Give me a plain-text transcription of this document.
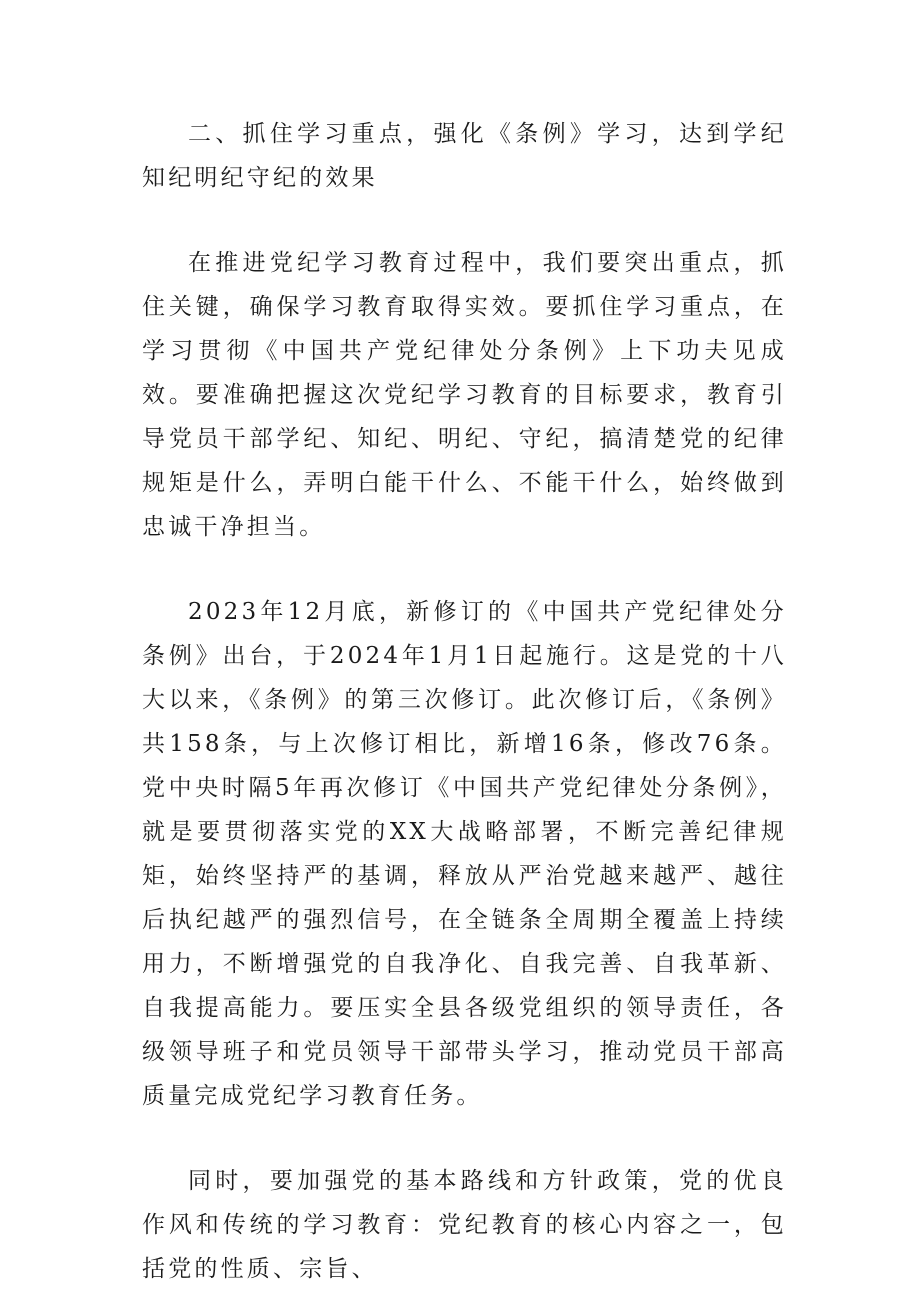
二、抓住学习重点，强化《条例》学习，达到学纪知纪明纪守纪的效果

在推进党纪学习教育过程中，我们要突出重点，抓住关键，确保学习教育取得实效。要抓住学习重点，在学习贯彻《中国共产党纪律处分条例》上下功夫见成效。要准确把握这次党纪学习教育的目标要求，教育引导党员干部学纪、知纪、明纪、守纪，搞清楚党的纪律规矩是什么，弄明白能干什么、不能干什么，始终做到忠诚干净担当。

2023年12月底，新修订的《中国共产党纪律处分条例》出台，于2024年1月1日起施行。这是党的十八大以来，《条例》的第三次修订。此次修订后，《条例》共158条，与上次修订相比，新增16条，修改76条。党中央时隔5年再次修订《中国共产党纪律处分条例》，就是要贯彻落实党的XX大战略部署，不断完善纪律规矩，始终坚持严的基调，释放从严治党越来越严、越往后执纪越严的强烈信号，在全链条全周期全覆盖上持续用力，不断增强党的自我净化、自我完善、自我革新、自我提高能力。要压实全县各级党组织的领导责任，各级领导班子和党员领导干部带头学习，推动党员干部高质量完成党纪学习教育任务。

同时，要加强党的基本路线和方针政策，党的优良作风和传统的学习教育：党纪教育的核心内容之一，包括党的性质、宗旨、
